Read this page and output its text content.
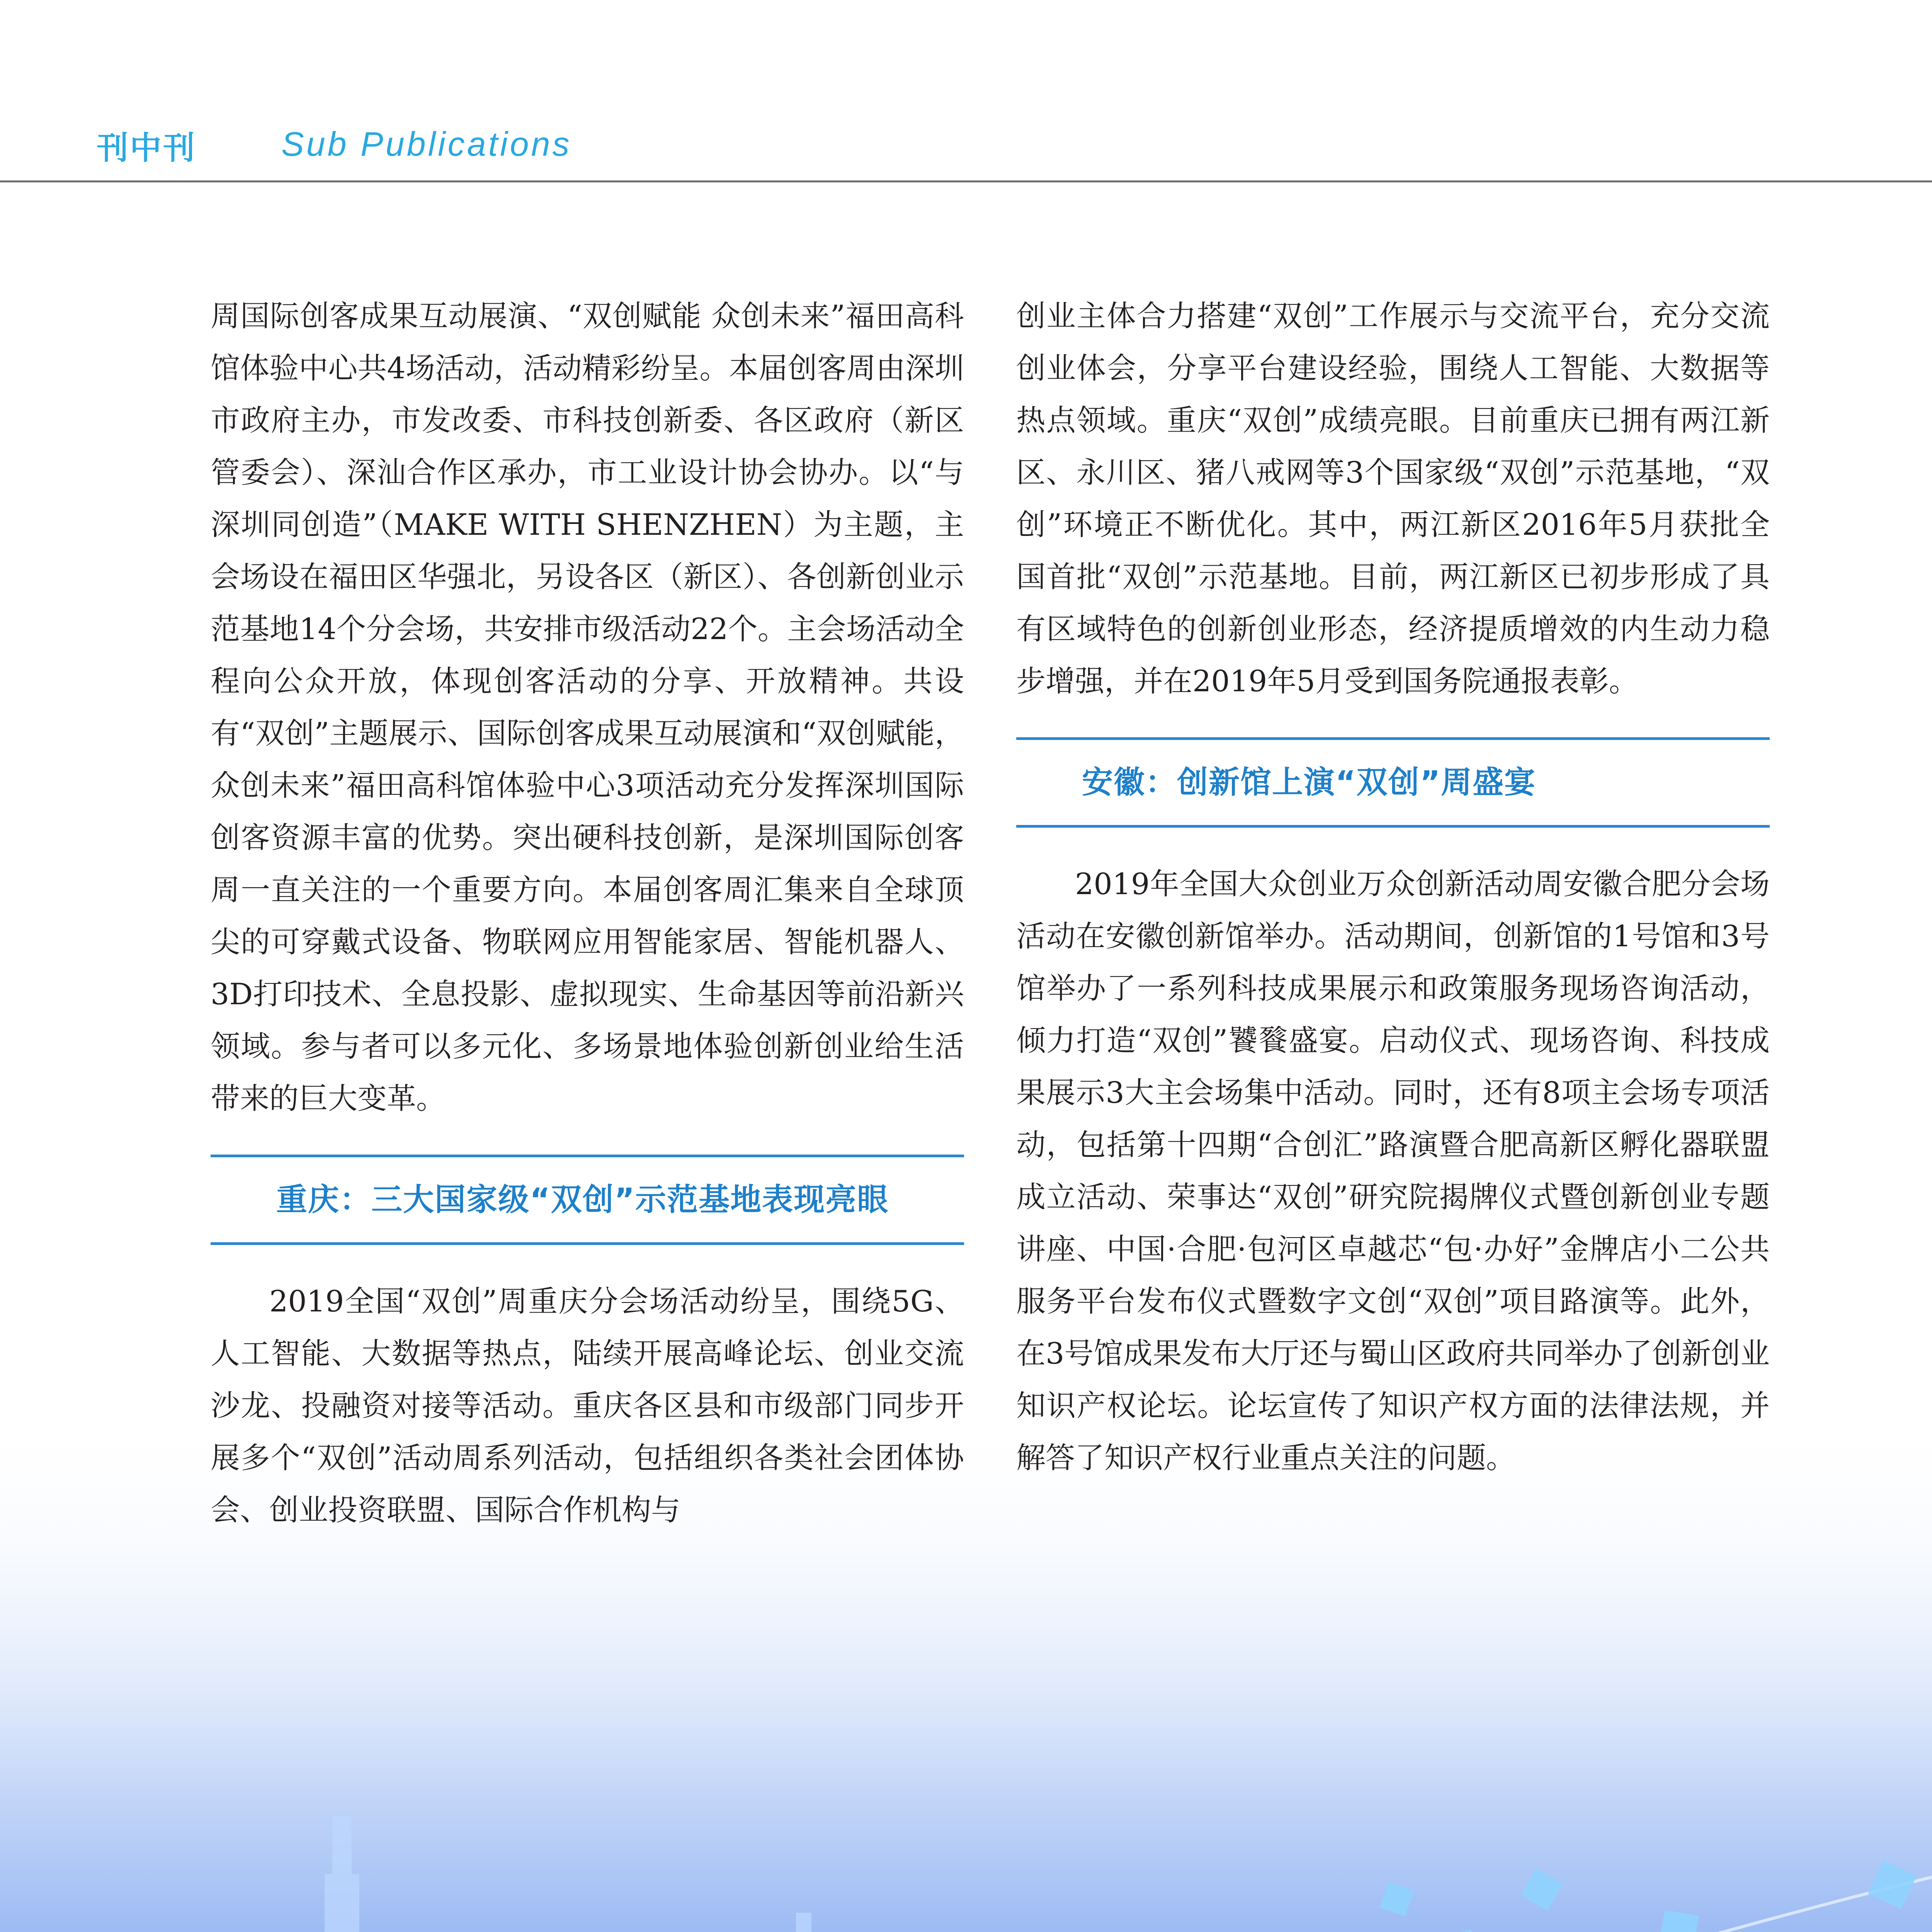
刊中刊 Sub Publications

周国际创客成果互动展演、“双创赋能 众创未来”福田高科馆体验中心共4场活动，活动精彩纷呈。本届创客周由深圳市政府主办，市发改委、市科技创新委、各区政府（新区管委会）、深汕合作区承办，市工业设计协会协办。以“与深圳同创造”（MAKE WITH SHENZHEN）为主题，主会场设在福田区华强北，另设各区（新区）、各创新创业示范基地14个分会场，共安排市级活动22个。主会场活动全程向公众开放，体现创客活动的分享、开放精神。共设有“双创”主题展示、国际创客成果互动展演和“双创赋能，众创未来”福田高科馆体验中心3项活动充分发挥深圳国际创客资源丰富的优势。突出硬科技创新，是深圳国际创客周一直关注的一个重要方向。本届创客周汇集来自全球顶尖的可穿戴式设备、物联网应用智能家居、智能机器人、3D打印技术、全息投影、虚拟现实、生命基因等前沿新兴领域。参与者可以多元化、多场景地体验创新创业给生活带来的巨大变革。

重庆：三大国家级“双创”示范基地表现亮眼

2019全国“双创”周重庆分会场活动纷呈，围绕5G、人工智能、大数据等热点，陆续开展高峰论坛、创业交流沙龙、投融资对接等活动。重庆各区县和市级部门同步开展多个“双创”活动周系列活动，包括组织各类社会团体协会、创业投资联盟、国际合作机构与

创业主体合力搭建“双创”工作展示与交流平台，充分交流创业体会，分享平台建设经验，围绕人工智能、大数据等热点领域。重庆“双创”成绩亮眼。目前重庆已拥有两江新区、永川区、猪八戒网等3个国家级“双创”示范基地，“双创”环境正不断优化。其中，两江新区2016年5月获批全国首批“双创”示范基地。目前，两江新区已初步形成了具有区域特色的创新创业形态，经济提质增效的内生动力稳步增强，并在2019年5月受到国务院通报表彰。

安徽：创新馆上演“双创”周盛宴

2019年全国大众创业万众创新活动周安徽合肥分会场活动在安徽创新馆举办。活动期间，创新馆的1号馆和3号馆举办了一系列科技成果展示和政策服务现场咨询活动，倾力打造“双创”饕餮盛宴。启动仪式、现场咨询、科技成果展示3大主会场集中活动。同时，还有8项主会场专项活动，包括第十四期“合创汇”路演暨合肥高新区孵化器联盟成立活动、荣事达“双创”研究院揭牌仪式暨创新创业专题讲座、中国·合肥·包河区卓越芯“包·办好”金牌店小二公共服务平台发布仪式暨数字文创“双创”项目路演等。此外，在3号馆成果发布大厅还与蜀山区政府共同举办了创新创业知识产权论坛。论坛宣传了知识产权方面的法律法规，并解答了知识产权行业重点关注的问题。
